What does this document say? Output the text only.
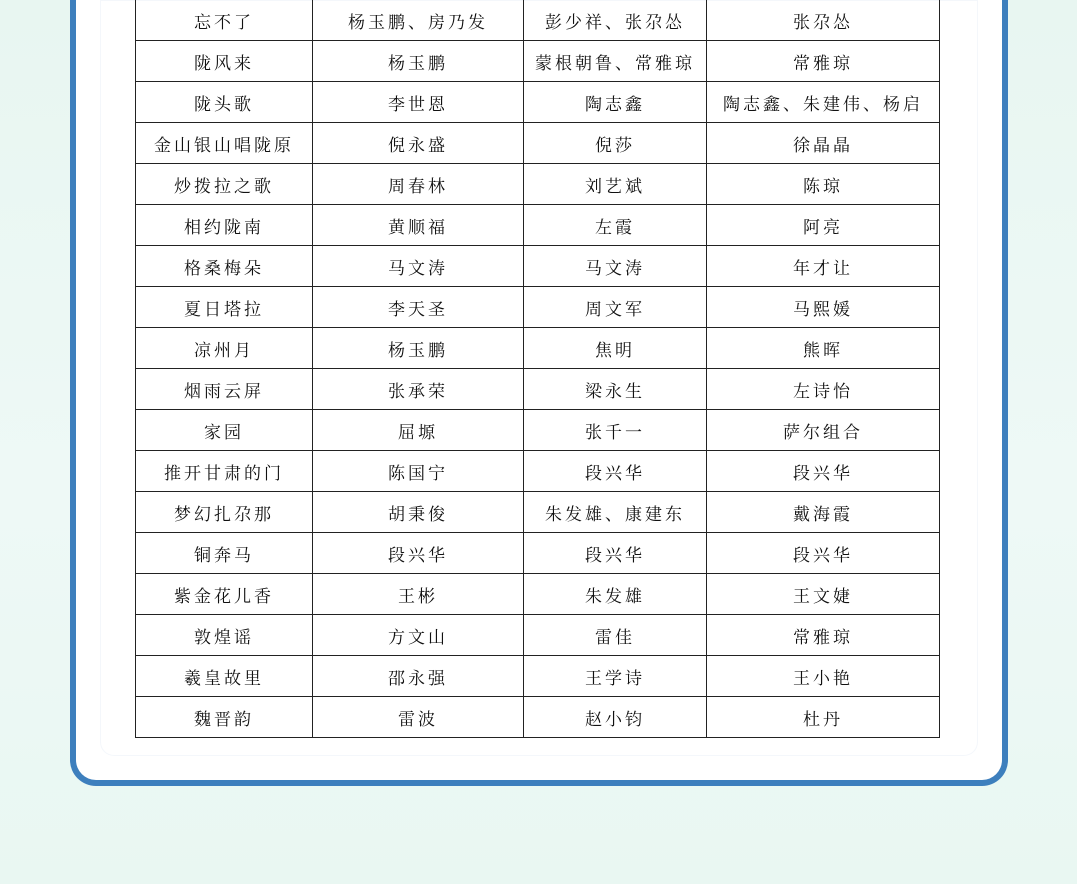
忘不了	杨玉鹏、房乃发	彭少祥、张尕怂	张尕怂
陇风来	杨玉鹏	蒙根朝鲁、常雅琼	常雅琼
陇头歌	李世恩	陶志鑫	陶志鑫、朱建伟、杨启
金山银山唱陇原	倪永盛	倪莎	徐晶晶
炒拨拉之歌	周春林	刘艺斌	陈琼
相约陇南	黄顺福	左霞	阿亮
格桑梅朵	马文涛	马文涛	年才让
夏日塔拉	李天圣	周文军	马熙媛
凉州月	杨玉鹏	焦明	熊晖
烟雨云屏	张承荣	梁永生	左诗怡
家园	屈塬	张千一	萨尔组合
推开甘肃的门	陈国宁	段兴华	段兴华
梦幻扎尕那	胡秉俊	朱发雄、康建东	戴海霞
铜奔马	段兴华	段兴华	段兴华
紫金花儿香	王彬	朱发雄	王文婕
敦煌谣	方文山	雷佳	常雅琼
羲皇故里	邵永强	王学诗	王小艳
魏晋韵	雷波	赵小钧	杜丹
